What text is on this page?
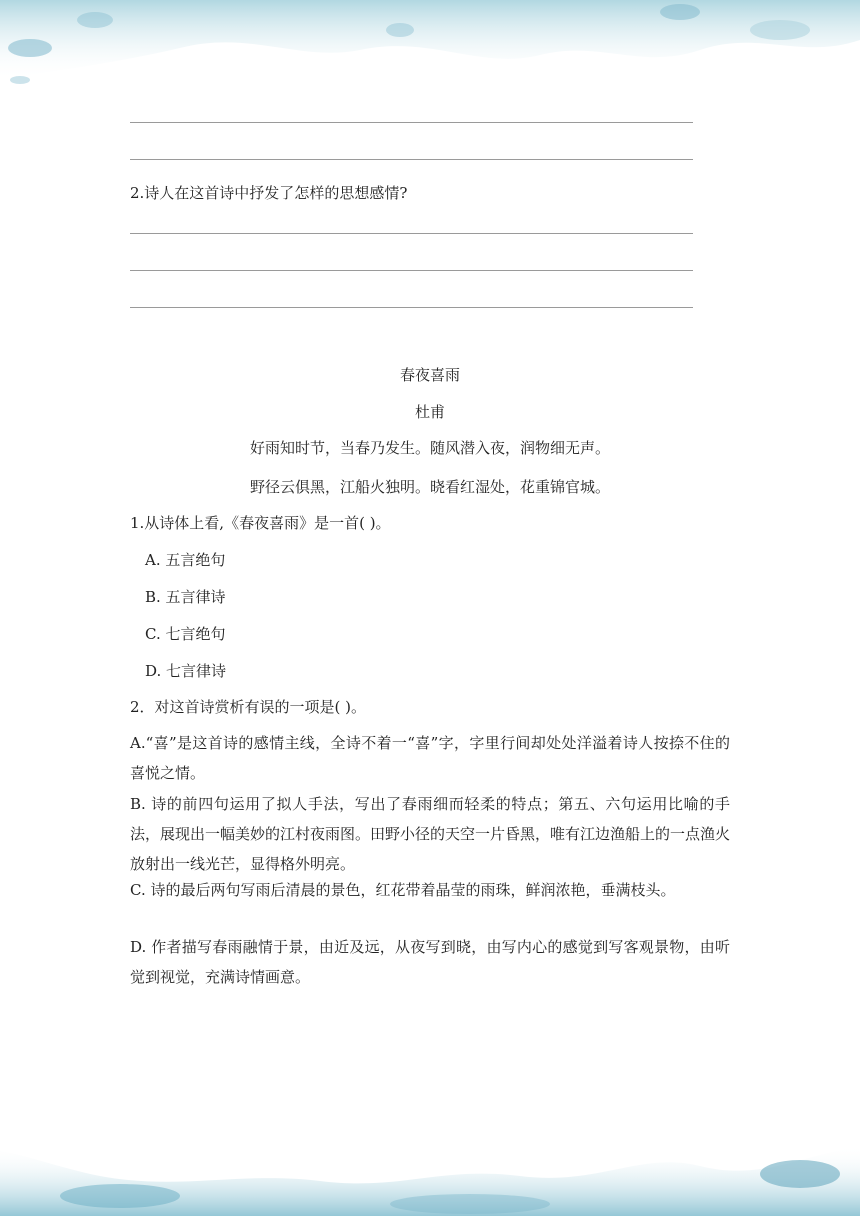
2.诗人在这首诗中抒发了怎样的思想感情?
春夜喜雨
杜甫
好雨知时节，当春乃发生。随风潜入夜，润物细无声。
野径云俱黑，江船火独明。晓看红湿处，花重锦官城。
1.从诗体上看,《春夜喜雨》是一首( )。
A. 五言绝句
B. 五言律诗
C. 七言绝句
D. 七言律诗
2．对这首诗赏析有误的一项是( )。
A.“喜”是这首诗的感情主线，全诗不着一“喜”字，字里行间却处处洋溢着诗人按捺不住的喜悦之情。
B. 诗的前四句运用了拟人手法，写出了春雨细而轻柔的特点；第五、六句运用比喻的手法，展现出一幅美妙的江村夜雨图。田野小径的天空一片昏黑，唯有江边渔船上的一点渔火放射出一线光芒，显得格外明亮。
C. 诗的最后两句写雨后清晨的景色，红花带着晶莹的雨珠，鲜润浓艳，垂满枝头。
D. 作者描写春雨融情于景，由近及远，从夜写到晓，由写内心的感觉到写客观景物，由听觉到视觉，充满诗情画意。
